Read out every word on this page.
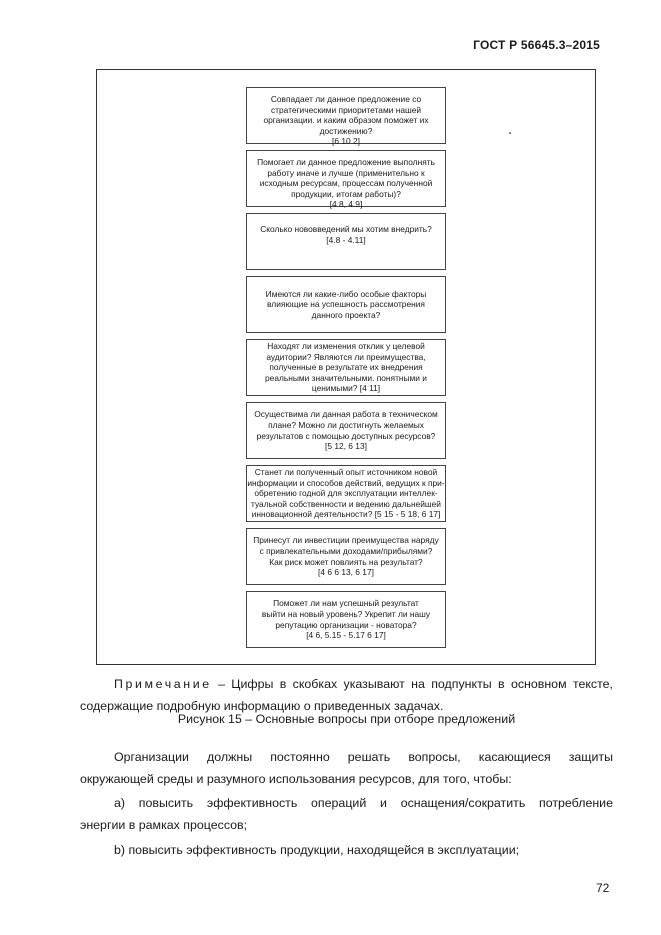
ГОСТ Р 56645.3–2015
Совпадает ли данное предложение со
стратегическими приоритетами нашей
организации. и каким образом поможет их
достижению?
[6 10 2]
Помогает ли данное предложение выполнять
работу иначе и лучше (применительно к
исходным ресурсам, процессам полученной
продукции, итогам работы)?
[4 8, 4.9]
Сколько нововведений мы хотим внедрить?
[4.8 - 4.11]
Имеются ли какие-либо особые факторы
влияющие на успешность рассмотрения
данного проекта?
Находят ли изменения отклик у целевой
аудитории? Являются ли преимущества,
полученные в результате их внедрения
реальными значительными. понятными и
ценимыми? [4 11]
Осуществима ли данная работа в техническом
плане? Можно ли достигнуть желаемых
результатов с помощью доступных ресурсов?
[5 12, 6 13]
Станет ли полученный опыт источником новой
информации и способов действий, ведущих к при-
обретению годной для эксплуатации интеллек-
туальной собственности и ведению дальнейшей
инновационной деятельности? [5 15 - 5 18, 6 17]
Принесут ли инвестиции преимущества наряду
с привлекательными доходами/прибылями?
Как риск может повлиять на результат?
[4 6 6 13, 6 17]
Поможет ли нам успешный результат
выйти на новый уровень? Укрепит ли нашу
репутацию организации - новатора?
[4 6, 5.15 - 5.17 6 17]
Примечание – Цифры в скобках указывают на подпункты в основном тексте,
содержащие подробную информацию о приведенных задачах.
Рисунок 15 – Основные вопросы при отборе предложений
Организации должны постоянно решать вопросы, касающиеся защиты
окружающей среды и разумного использования ресурсов, для того, чтобы:
a) повысить эффективность операций и оснащения/сократить потребление
энергии в рамках процессов;
b) повысить эффективность продукции, находящейся в эксплуатации;
72
